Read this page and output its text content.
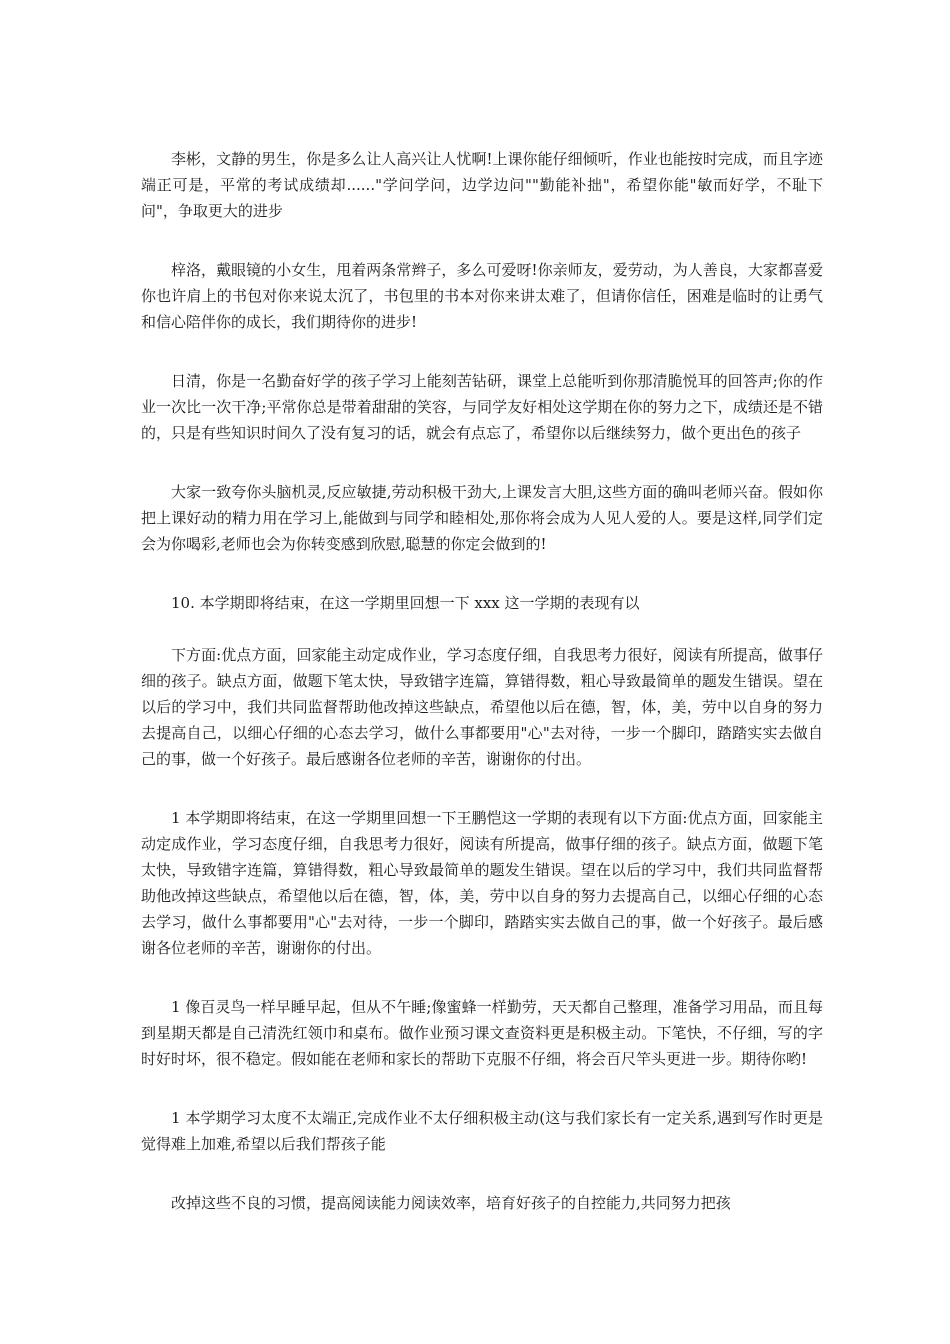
李彬，文静的男生，你是多么让人高兴让人忧啊!上课你能仔细倾听，作业也能按时完成，而且字迹端正可是，平常的考试成绩却......"学问学问，边学边问""勤能补拙"，希望你能"敏而好学，不耻下问"，争取更大的进步

梓洛，戴眼镜的小女生，甩着两条常辫子，多么可爱呀!你亲师友，爱劳动，为人善良，大家都喜爱你也许肩上的书包对你来说太沉了，书包里的书本对你来讲太难了，但请你信任，困难是临时的让勇气和信心陪伴你的成长，我们期待你的进步!

日清，你是一名勤奋好学的孩子学习上能刻苦钻研，课堂上总能听到你那清脆悦耳的回答声;你的作业一次比一次干净;平常你总是带着甜甜的笑容，与同学友好相处这学期在你的努力之下，成绩还是不错的，只是有些知识时间久了没有复习的话，就会有点忘了，希望你以后继续努力，做个更出色的孩子

大家一致夸你头脑机灵,反应敏捷,劳动积极干劲大,上课发言大胆,这些方面的确叫老师兴奋。假如你把上课好动的精力用在学习上,能做到与同学和睦相处,那你将会成为人见人爱的人。要是这样,同学们定会为你喝彩,老师也会为你转变感到欣慰,聪慧的你定会做到的!

10. 本学期即将结束，在这一学期里回想一下 xxx 这一学期的表现有以

下方面:优点方面，回家能主动定成作业，学习态度仔细，自我思考力很好，阅读有所提高，做事仔细的孩子。缺点方面，做题下笔太快，导致错字连篇，算错得数，粗心导致最简单的题发生错误。望在以后的学习中，我们共同监督帮助他改掉这些缺点，希望他以后在德，智，体，美，劳中以自身的努力去提高自己，以细心仔细的心态去学习，做什么事都要用"心"去对待，一步一个脚印，踏踏实实去做自己的事，做一个好孩子。最后感谢各位老师的辛苦，谢谢你的付出。

1 本学期即将结束，在这一学期里回想一下王鹏恺这一学期的表现有以下方面:优点方面，回家能主动定成作业，学习态度仔细，自我思考力很好，阅读有所提高，做事仔细的孩子。缺点方面，做题下笔太快，导致错字连篇，算错得数，粗心导致最简单的题发生错误。望在以后的学习中，我们共同监督帮助他改掉这些缺点，希望他以后在德，智，体，美，劳中以自身的努力去提高自己，以细心仔细的心态去学习，做什么事都要用"心"去对待，一步一个脚印，踏踏实实去做自己的事，做一个好孩子。最后感谢各位老师的辛苦，谢谢你的付出。

1 像百灵鸟一样早睡早起，但从不午睡;像蜜蜂一样勤劳，天天都自己整理，准备学习用品，而且每到星期天都是自己清洗红领巾和桌布。做作业预习课文查资料更是积极主动。下笔快，不仔细，写的字时好时坏，很不稳定。假如能在老师和家长的帮助下克服不仔细，将会百尺竿头更进一步。期待你哟!

1 本学期学习太度不太端正,完成作业不太仔细积极主动(这与我们家长有一定关系,遇到写作时更是觉得难上加难,希望以后我们帮孩子能

改掉这些不良的习惯，提高阅读能力阅读效率，培育好孩子的自控能力,共同努力把孩
